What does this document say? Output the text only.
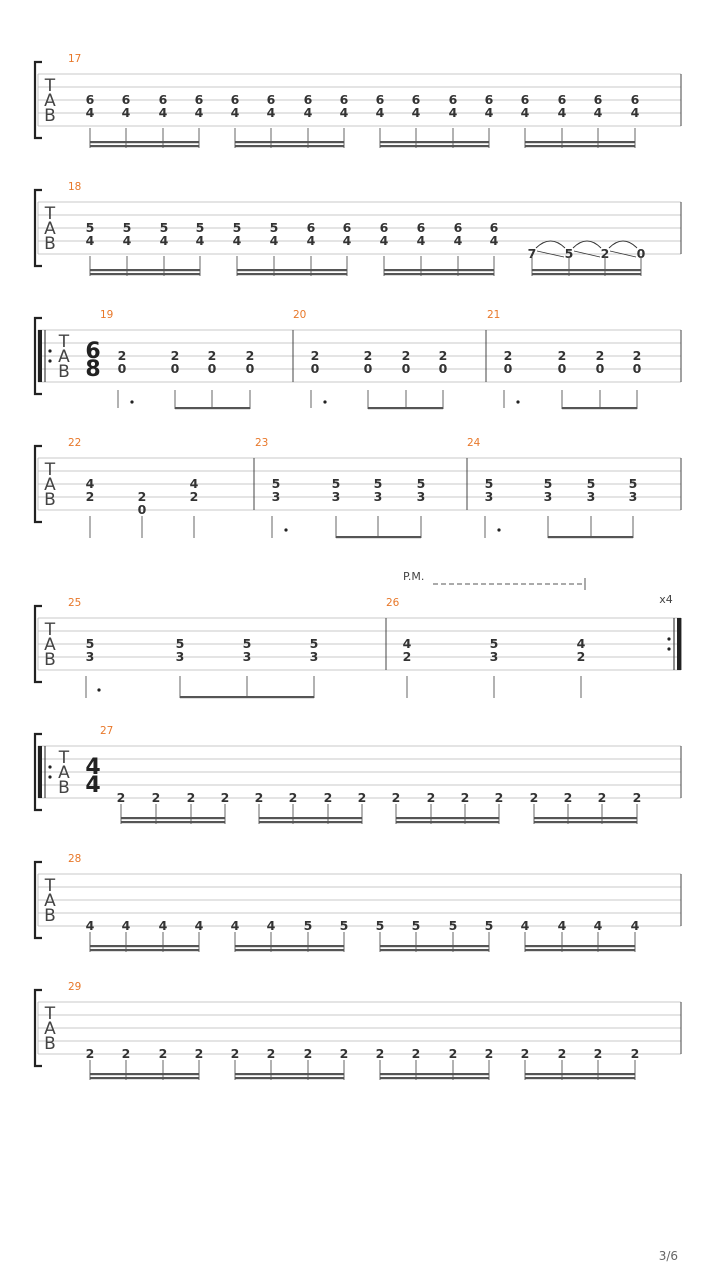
T
A
B
17
6
4
6
4
6
4
6
4
6
4
6
4
6
4
6
4
6
4
6
4
6
4
6
4
6
4
6
4
6
4
6
4
T
A
B
18
5
4
5
4
5
4
5
4
5
4
5
4
6
4
6
4
6
4
6
4
6
4
6
4
7 5 2 0
T
A
B
6
8
19
2
0
2
0
2
0
2
0
20
2
0
2
0
2
0
2
0
21
2
0
2
0
2
0
2
0
T
A
B
22
4
2	2
0
4
2
23
5
3
5
3
5
3
5
3
24
5
3
5
3
5
3
5
3
P.M.
x4
T
A
B
25
5
3
5
3
5
3
5
3
26
4
2
5
3
4
2
T
A
B
4
4
27
2 2 2 2 2 2 2 2 2 2 2 2 2 2 2 2
T
A
B
28
4 4 4 4 4 4 5 5 5 5 5 5 4 4 4 4
T
A
B
29
2 2 2 2 2 2 2 2 2 2 2 2 2 2 2 2
3/6
